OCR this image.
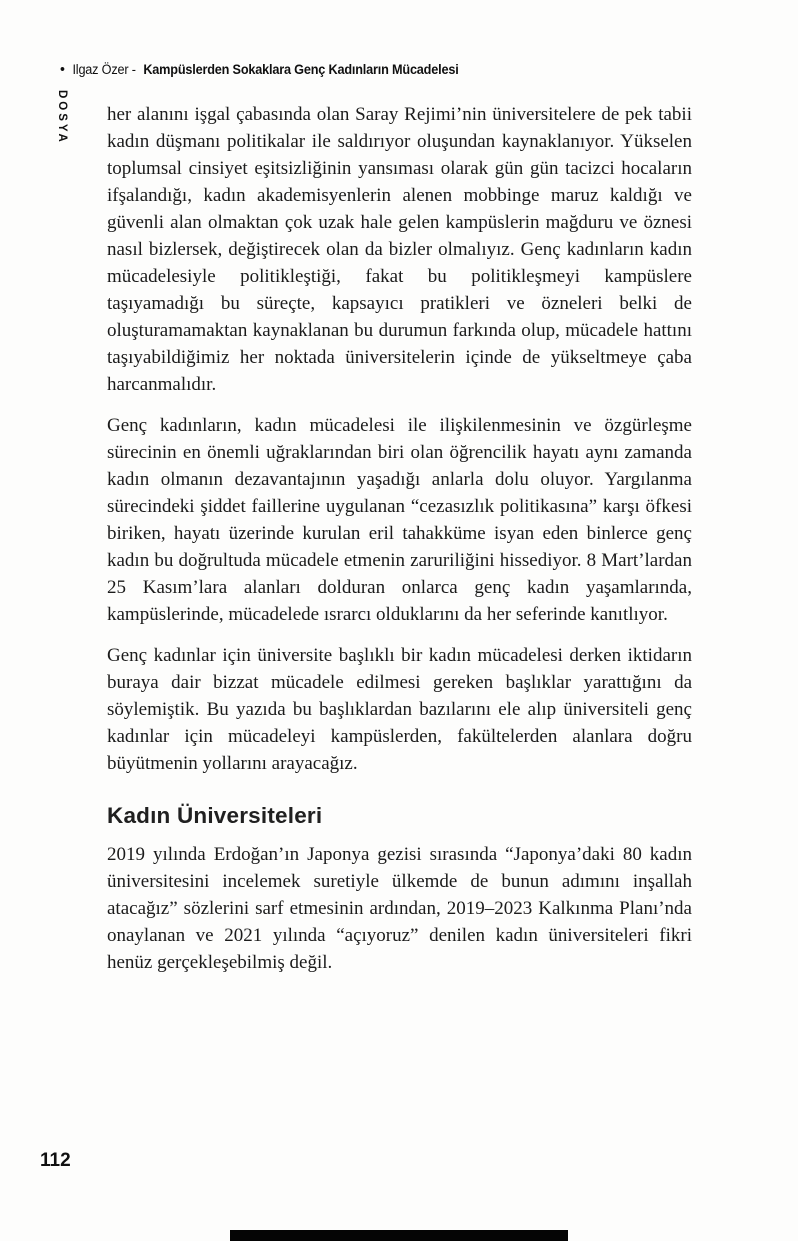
• Ilgaz Özer - Kampüslerden Sokaklara Genç Kadınların Mücadelesi
DOSYA her alanını işgal çabasında olan Saray Rejimi’nin üniversitelere de pek tabii kadın düşmanı politikalar ile saldırıyor oluşundan kaynaklanıyor. Yükselen toplumsal cinsiyet eşitsizliğinin yansıması olarak gün gün tacizci hocaların ifşalandığı, kadın akademisyenlerin alenen mobbinge maruz kaldığı ve güvenli alan olmaktan çok uzak hale gelen kampüslerin mağduru ve öznesi nasıl bizlersek, değiştirecek olan da bizler olmalıyız. Genç kadınların kadın mücadelesiyle politikleştiği, fakat bu politikleşmeyi kampüslere taşıyamadığı bu süreçte, kapsayıcı pratikleri ve özneleri belki de oluşturamamaktan kaynaklanan bu durumun farkında olup, mücadele hattını taşıyabildiğimiz her noktada üniversitelerin içinde de yükseltmeye çaba harcanmalıdır.

Genç kadınların, kadın mücadelesi ile ilişkilenmesinin ve özgürleşme sürecinin en önemli uğraklarından biri olan öğrencilik hayatı aynı zamanda kadın olmanın dezavantajının yaşadığı anlarla dolu oluyor. Yargılanma sürecindeki şiddet faillerine uygulanan “cezasızlık politikasına” karşı öfkesi biriken, hayatı üzerinde kurulan eril tahakküme isyan eden binlerce genç kadın bu doğrultuda mücadele etmenin zaruriliğini hissediyor. 8 Mart’lardan 25 Kasım’lara alanları dolduran onlarca genç kadın yaşamlarında, kampüslerinde, mücadelede ısrarcı olduklarını da her seferinde kanıtlıyor.

Genç kadınlar için üniversite başlıklı bir kadın mücadelesi derken iktidarın buraya dair bizzat mücadele edilmesi gereken başlıklar yarattığını da söylemiştik. Bu yazıda bu başlıklardan bazılarını ele alıp üniversiteli genç kadınlar için mücadeleyi kampüslerden, fakültelerden alanlara doğru büyütmenin yollarını arayacağız.

Kadın Üniversiteleri

2019 yılında Erdoğan’ın Japonya gezisi sırasında “Japonya’daki 80 kadın üniversitesini incelemek suretiyle ülkemde de bunun adımını inşallah atacağız” sözlerini sarf etmesinin ardından, 2019–2023 Kalkınma Planı’nda onaylanan ve 2021 yılında “açıyoruz” denilen kadın üniversiteleri fikri henüz gerçekleşebilmiş değil.

112
